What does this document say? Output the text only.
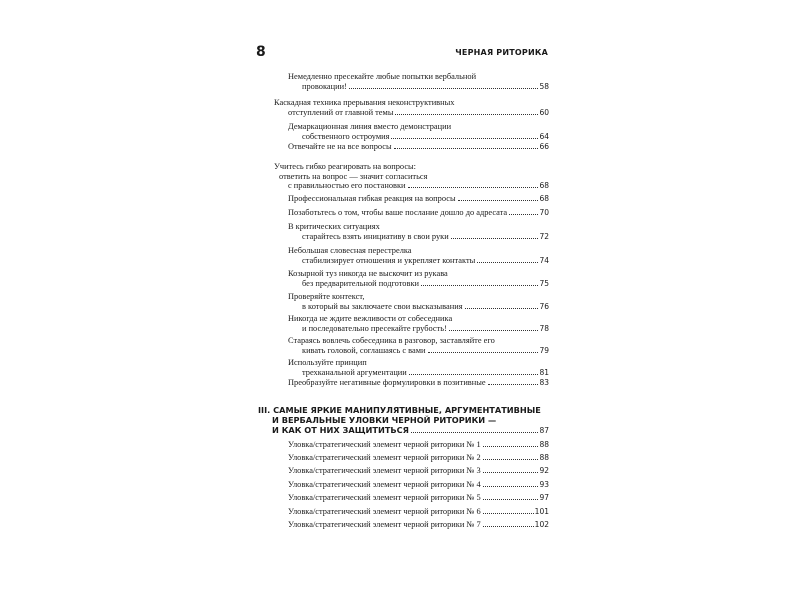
8	ЧЕРНАЯ РИТОРИКА
Немедленно пресекайте любые попытки вербальной
провокации!	58
Каскадная техника прерывания неконструктивных
отступлений от главной темы	60
Демаркационная линия вместо демонстрации
собственного остроумия	64
Отвечайте не на все вопросы	66
Учитесь гибко реагировать на вопросы:
ответить на вопрос — значит согласиться
с правильностью его постановки	68
Профессиональная гибкая реакция на вопросы	68
Позаботьтесь о том, чтобы ваше послание дошло до адресата	70
В критических ситуациях
старайтесь взять инициативу в свои руки	72
Небольшая словесная перестрелка
стабилизирует отношения и укрепляет контакты	74
Козырной туз никогда не выскочит из рукава
без предварительной подготовки	75
Проверяйте контекст,
в который вы заключаете свои высказывания	76
Никогда не ждите вежливости от собеседника
и последовательно пресекайте грубость!	78
Стараясь вовлечь собеседника в разговор, заставляйте его
кивать головой, соглашаясь с вами	79
Используйте принцип
трехканальной аргументации	81
Преобразуйте негативные формулировки в позитивные	83
III. САМЫЕ ЯРКИЕ МАНИПУЛЯТИВНЫЕ, АРГУМЕНТАТИВНЫЕ
И ВЕРБАЛЬНЫЕ УЛОВКИ ЧЕРНОЙ РИТОРИКИ —
И КАК ОТ НИХ ЗАЩИТИТЬСЯ	87
Уловка/стратегический элемент черной риторики № 1	88
Уловка/стратегический элемент черной риторики № 2	88
Уловка/стратегический элемент черной риторики № 3	92
Уловка/стратегический элемент черной риторики № 4	93
Уловка/стратегический элемент черной риторики № 5	97
Уловка/стратегический элемент черной риторики № 6	101
Уловка/стратегический элемент черной риторики № 7	102
